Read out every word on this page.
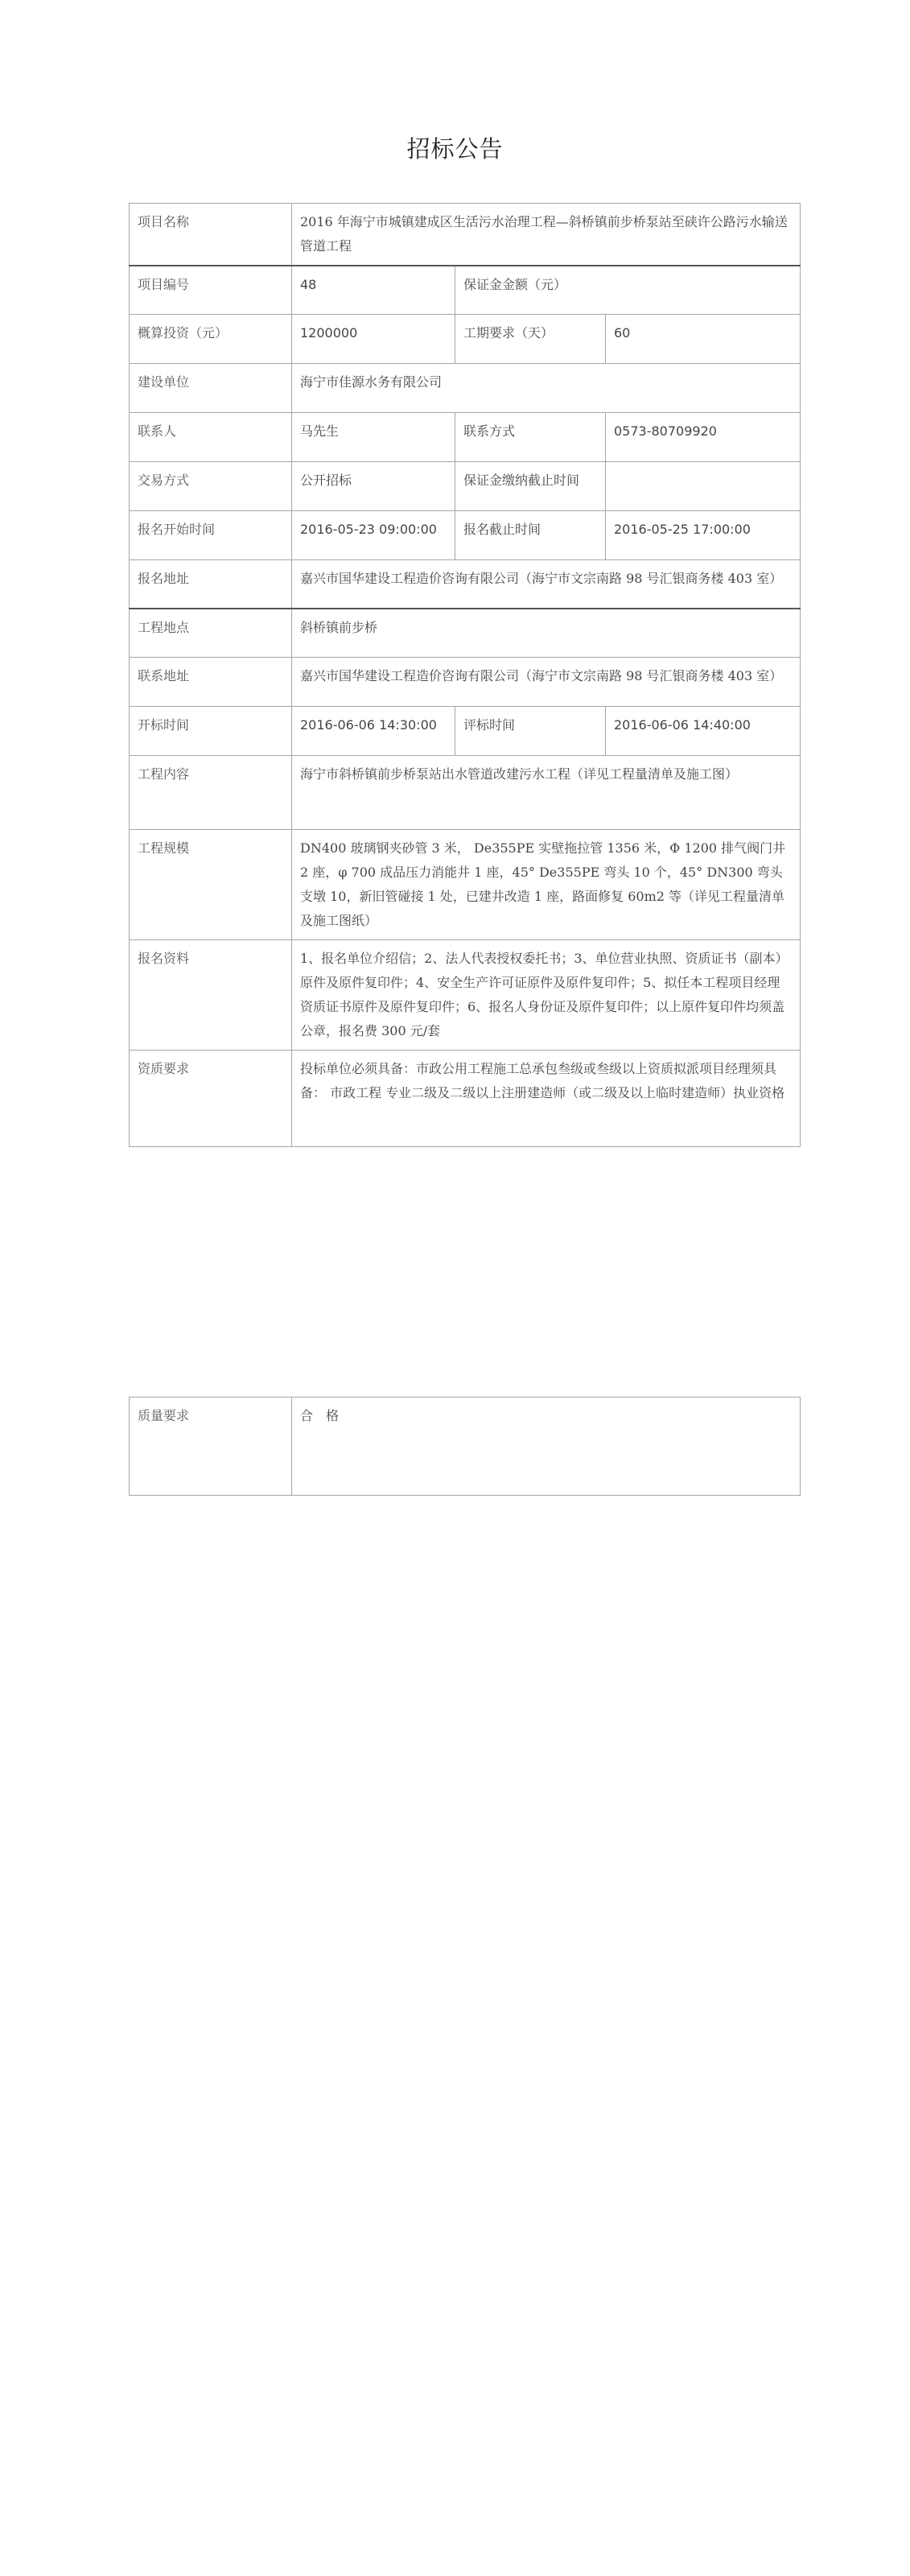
招标公告
项目名称	2016 年海宁市城镇建成区生活污水治理工程—斜桥镇前步桥泵站至硖许公路污水输送管道工程		
项目编号	48	保证金金额（元）	
概算投资（元）	1200000	工期要求（天）	60
建设单位	海宁市佳源水务有限公司		
联系人	马先生	联系方式	0573-80709920
交易方式	公开招标	保证金缴纳截止时间	
报名开始时间	2016-05-23 09:00:00	报名截止时间	2016-05-25 17:00:00
报名地址	嘉兴市国华建设工程造价咨询有限公司（海宁市文宗南路 98 号汇银商务楼 403 室）		
工程地点	斜桥镇前步桥		
联系地址	嘉兴市国华建设工程造价咨询有限公司（海宁市文宗南路 98 号汇银商务楼 403 室）		
开标时间	2016-06-06 14:30:00	评标时间	2016-06-06 14:40:00
工程内容	海宁市斜桥镇前步桥泵站出水管道改建污水工程（详见工程量清单及施工图）		
工程规模	DN400 玻璃钢夹砂管 3 米， De355PE 实壁拖拉管 1356 米，Φ 1200 排气阀门井 2 座，φ 700 成品压力消能井 1 座，45° De355PE 弯头 10 个，45° DN300 弯头支墩 10，新旧管碰接 1 处，已建井改造 1 座，路面修复 60m2 等（详见工程量清单及施工图纸）		
报名资料	1、报名单位介绍信；2、法人代表授权委托书；3、单位营业执照、资质证书（副本）原件及原件复印件；4、安全生产许可证原件及原件复印件；5、拟任本工程项目经理资质证书原件及原件复印件；6、报名人身份证及原件复印件；以上原件复印件均须盖公章，报名费 300 元/套		

资质要求	投标单位必须具备：市政公用工程施工总承包叁级或叁级以上资质拟派项目经理须具备： 市政工程 专业二级及二级以上注册建造师（或二级及以上临时建造师）执业资格		
质量要求	合　格
